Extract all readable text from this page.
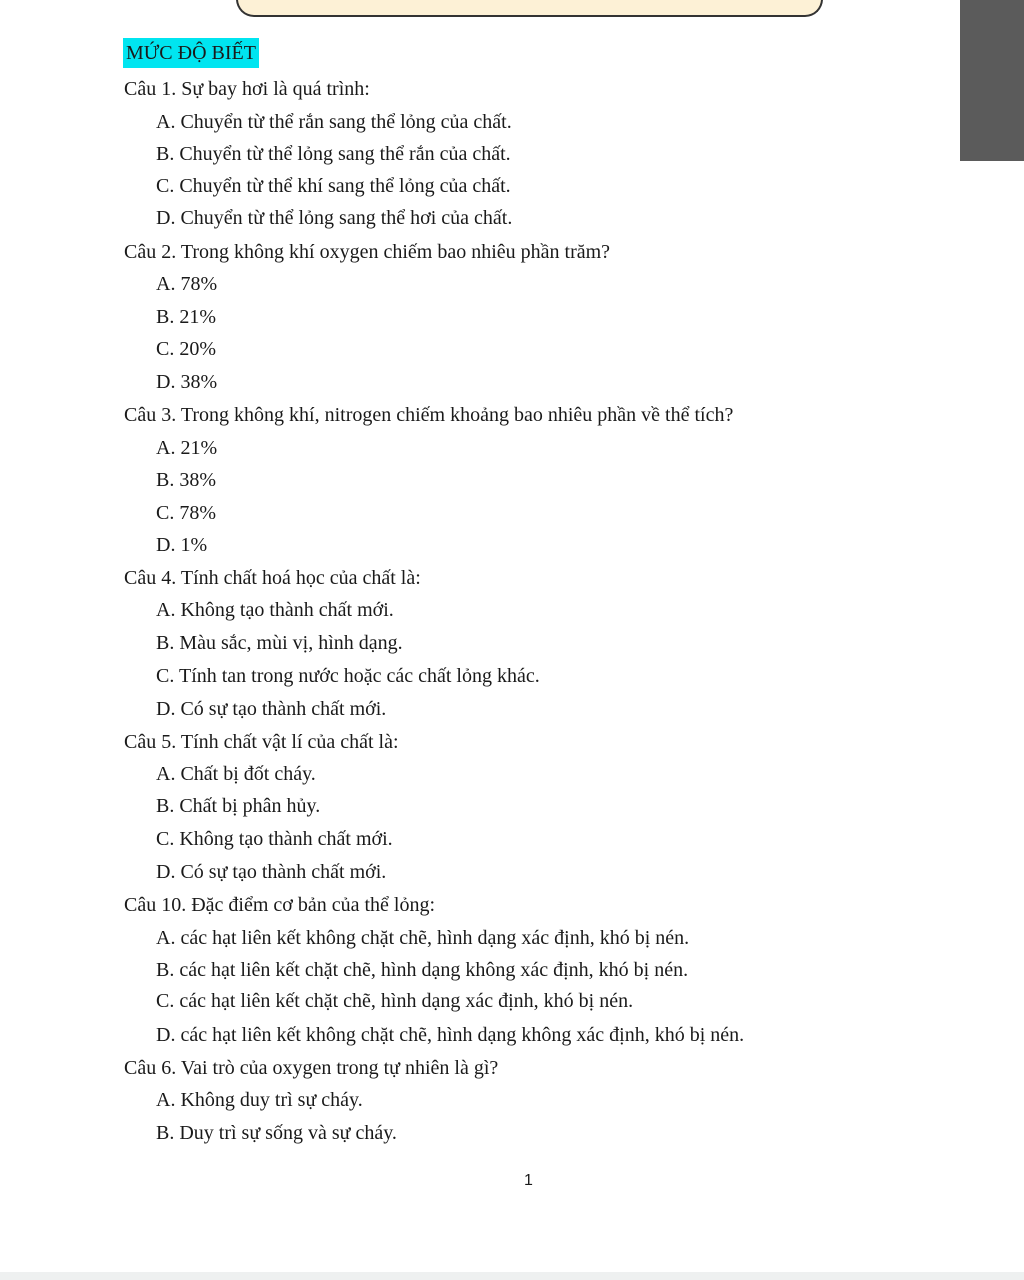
MỨC ĐỘ BIẾT
Câu 1. Sự bay hơi là quá trình:
A. Chuyển từ thể rắn sang thể lỏng của chất.
B. Chuyển từ thể lỏng sang thể rắn của chất.
C. Chuyển từ thể khí sang thể lỏng của chất.
D. Chuyển từ thể lỏng sang thể hơi của chất.
Câu 2. Trong không khí oxygen chiếm bao nhiêu phần trăm?
A. 78%
B. 21%
C. 20%
D. 38%
Câu 3. Trong không khí, nitrogen chiếm khoảng bao nhiêu phần về thể tích?
A. 21%
B. 38%
C. 78%
D. 1%
Câu 4. Tính chất hoá học của chất là:
A. Không tạo thành chất mới.
B. Màu sắc, mùi vị, hình dạng.
C. Tính tan trong nước hoặc các chất lỏng khác.
D. Có sự tạo thành chất mới.
Câu 5. Tính chất vật lí của chất là:
A. Chất bị đốt cháy.
B. Chất bị phân hủy.
C. Không tạo thành chất mới.
D. Có sự tạo thành chất mới.
Câu 10. Đặc điểm cơ bản của thể lỏng:
A. các hạt liên kết không chặt chẽ, hình dạng xác định, khó bị nén.
B. các hạt liên kết chặt chẽ, hình dạng không xác định, khó bị nén.
C. các hạt liên kết chặt chẽ, hình dạng xác định, khó bị nén.
D. các hạt liên kết không chặt chẽ, hình dạng không xác định, khó bị nén.
Câu 6. Vai trò của oxygen trong tự nhiên là gì?
A. Không duy trì sự cháy.
B. Duy trì sự sống và sự cháy.
1
